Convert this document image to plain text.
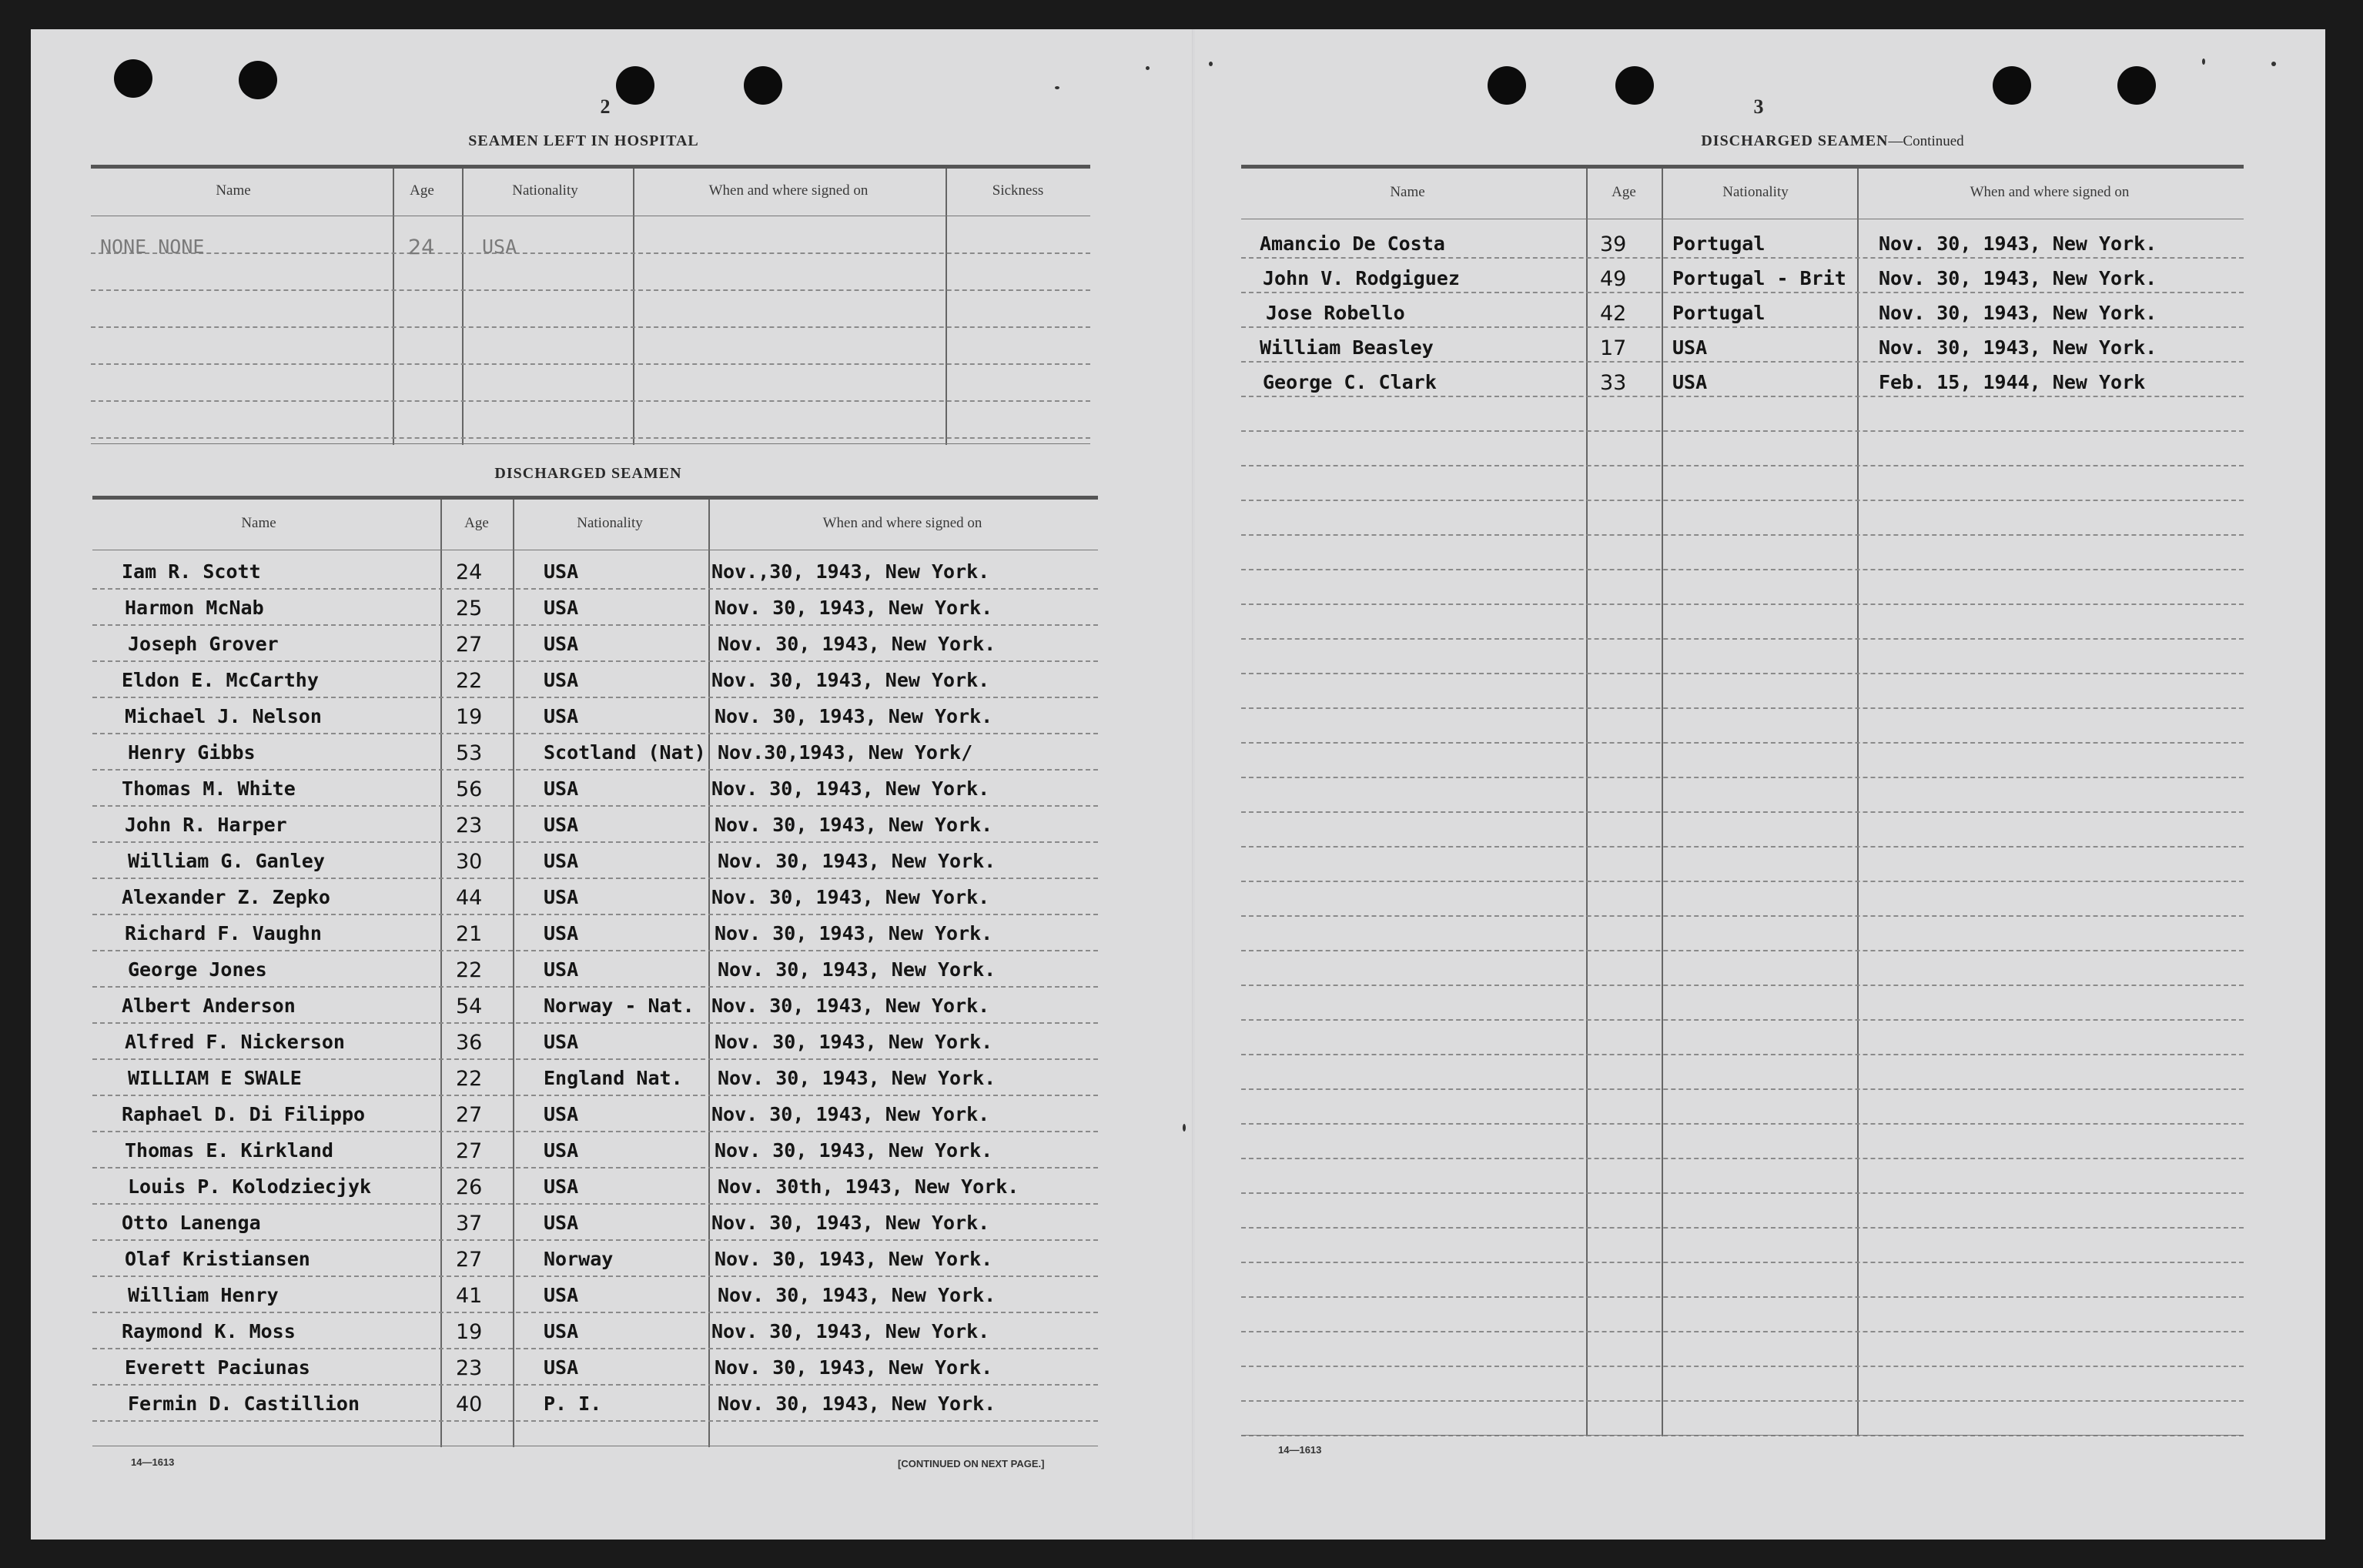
2
SEAMEN LEFT IN HOSPITAL
Name	Age	Nationality	When and where signed on	Sickness
NONE NONE	24 USA
DISCHARGED SEAMEN
Name	Age	Nationality	When and where signed on
Iam R. Scott	24	USA	Nov.,30, 1943, New York.
Harmon McNab	25	USA	Nov. 30, 1943, New York.
Joseph Grover	27	USA	Nov. 30, 1943, New York.
Eldon E. McCarthy	22	USA	Nov. 30, 1943, New York.
Michael J. Nelson	19	USA	Nov. 30, 1943, New York.
Henry Gibbs	53	Scotland (Nat) Nov.30,1943, New York/
Thomas M. White	56	USA	Nov. 30, 1943, New York.
John R. Harper	23	USA	Nov. 30, 1943, New York.
William G. Ganley	30	USA	Nov. 30, 1943, New York.
Alexander Z. Zepko	44	USA	Nov. 30, 1943, New York.
Richard F. Vaughn	21	USA	Nov. 30, 1943, New York.
George Jones	22	USA	Nov. 30, 1943, New York.
Albert Anderson	54	Norway - Nat. Nov. 30, 1943, New York.
Alfred F. Nickerson	36	USA	Nov. 30, 1943, New York.
WILLIAM E SWALE	22	England Nat. Nov. 30, 1943, New York.
Raphael D. Di Filippo	27	USA	Nov. 30, 1943, New York.
Thomas E. Kirkland	27	USA	Nov. 30, 1943, New York.
Louis P. Kolodziecjyk	26	USA	Nov. 30th, 1943, New York.
Otto Lanenga	37	USA	Nov. 30, 1943, New York.
Olaf Kristiansen	27	Norway	Nov. 30, 1943, New York.
William Henry	41	USA	Nov. 30, 1943, New York.
Raymond K. Moss	19	USA	Nov. 30, 1943, New York.
Everett Paciunas	23	USA	Nov. 30, 1943, New York.
Fermin D. Castillion	40	P. I.	Nov. 30, 1943, New York.
14—1613	[CONTINUED ON NEXT PAGE.]
3
DISCHARGED SEAMEN—Continued
Name	Age	Nationality	When and where signed on
Amancio De Costa	39 Portugal	Nov. 30, 1943, New York.
John V. Rodgiguez	49 Portugal - Brit Nov. 30, 1943, New York.
Jose Robello	42 Portugal	Nov. 30, 1943, New York.
William Beasley	17 USA	Nov. 30, 1943, New York.
George C. Clark	33 USA	Feb. 15, 1944, New York
14—1613
